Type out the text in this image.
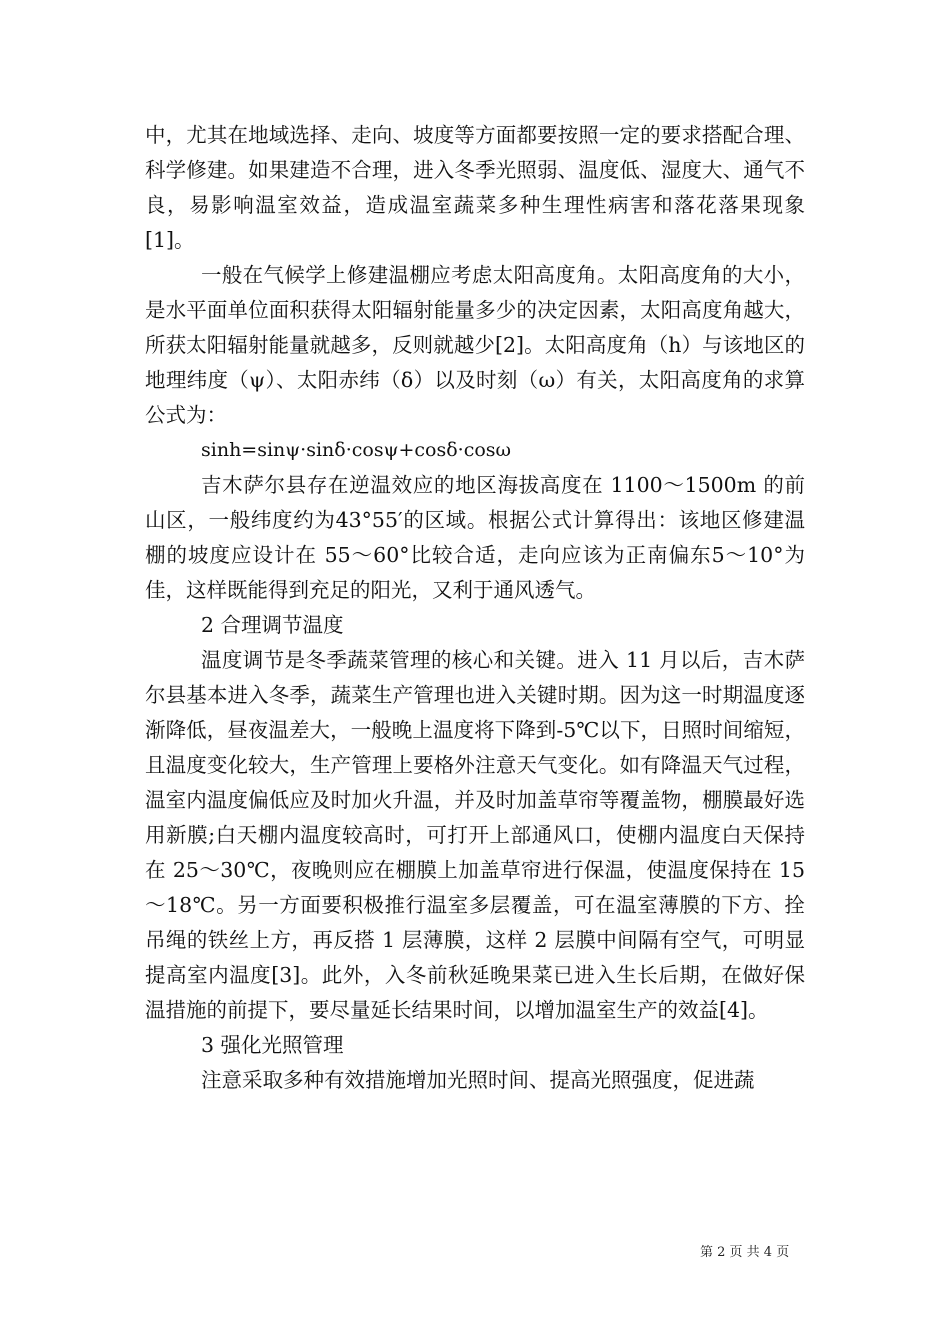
中，尤其在地域选择、走向、坡度等方面都要按照一定的要求搭配合理、科学修建。如果建造不合理，进入冬季光照弱、温度低、湿度大、通气不良，易影响温室效益，造成温室蔬菜多种生理性病害和落花落果现象[1]。

一般在气候学上修建温棚应考虑太阳高度角。太阳高度角的大小，是水平面单位面积获得太阳辐射能量多少的决定因素，太阳高度角越大，所获太阳辐射能量就越多，反则就越少[2]。太阳高度角（h）与该地区的地理纬度（ψ）、太阳赤纬（δ）以及时刻（ω）有关，太阳高度角的求算公式为：

sinh=sinψ·sinδ·cosψ+cosδ·cosω

吉木萨尔县存在逆温效应的地区海拔高度在 1100～1500m 的前山区，一般纬度约为43°55′的区域。根据公式计算得出：该地区修建温棚的坡度应设计在 55～60°比较合适，走向应该为正南偏东5～10°为佳，这样既能得到充足的阳光，又利于通风透气。

2 合理调节温度

温度调节是冬季蔬菜管理的核心和关键。进入 11 月以后，吉木萨尔县基本进入冬季，蔬菜生产管理也进入关键时期。因为这一时期温度逐渐降低，昼夜温差大，一般晚上温度将下降到-5℃以下，日照时间缩短，且温度变化较大，生产管理上要格外注意天气变化。如有降温天气过程，温室内温度偏低应及时加火升温，并及时加盖草帘等覆盖物，棚膜最好选用新膜;白天棚内温度较高时，可打开上部通风口，使棚内温度白天保持在 25～30℃，夜晚则应在棚膜上加盖草帘进行保温，使温度保持在 15～18℃。另一方面要积极推行温室多层覆盖，可在温室薄膜的下方、拴吊绳的铁丝上方，再反搭 1 层薄膜，这样 2 层膜中间隔有空气，可明显提高室内温度[3]。此外，入冬前秋延晚果菜已进入生长后期，在做好保温措施的前提下，要尽量延长结果时间，以增加温室生产的效益[4]。

3 强化光照管理

注意采取多种有效措施增加光照时间、提高光照强度，促进蔬

第 2 页 共 4 页
